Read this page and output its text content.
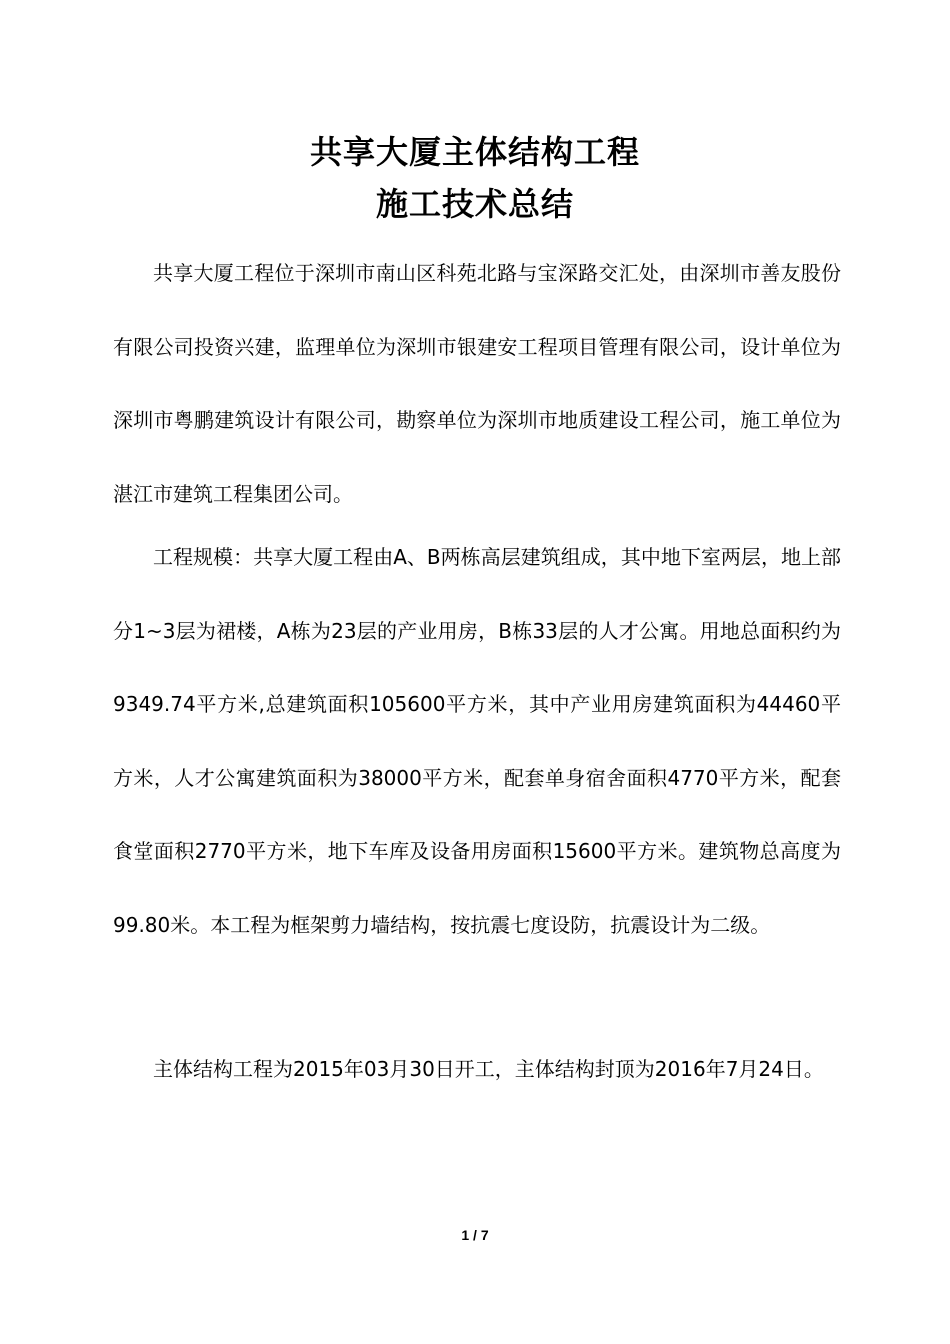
共享大厦主体结构工程
施工技术总结

共享大厦工程位于深圳市南山区科苑北路与宝深路交汇处，由深圳市善友股份有限公司投资兴建，监理单位为深圳市银建安工程项目管理有限公司，设计单位为深圳市粤鹏建筑设计有限公司，勘察单位为深圳市地质建设工程公司，施工单位为湛江市建筑工程集团公司。

工程规模：共享大厦工程由A、B两栋高层建筑组成，其中地下室两层，地上部分1~3层为裙楼，A栋为23层的产业用房，B栋33层的人才公寓。用地总面积约为9349.74平方米,总建筑面积105600平方米，其中产业用房建筑面积为44460平方米，人才公寓建筑面积为38000平方米，配套单身宿舍面积4770平方米，配套食堂面积2770平方米，地下车库及设备用房面积15600平方米。建筑物总高度为99.80米。本工程为框架剪力墙结构，按抗震七度设防，抗震设计为二级。

主体结构工程为2015年03月30日开工，主体结构封顶为2016年7月24日。

1 / 7
